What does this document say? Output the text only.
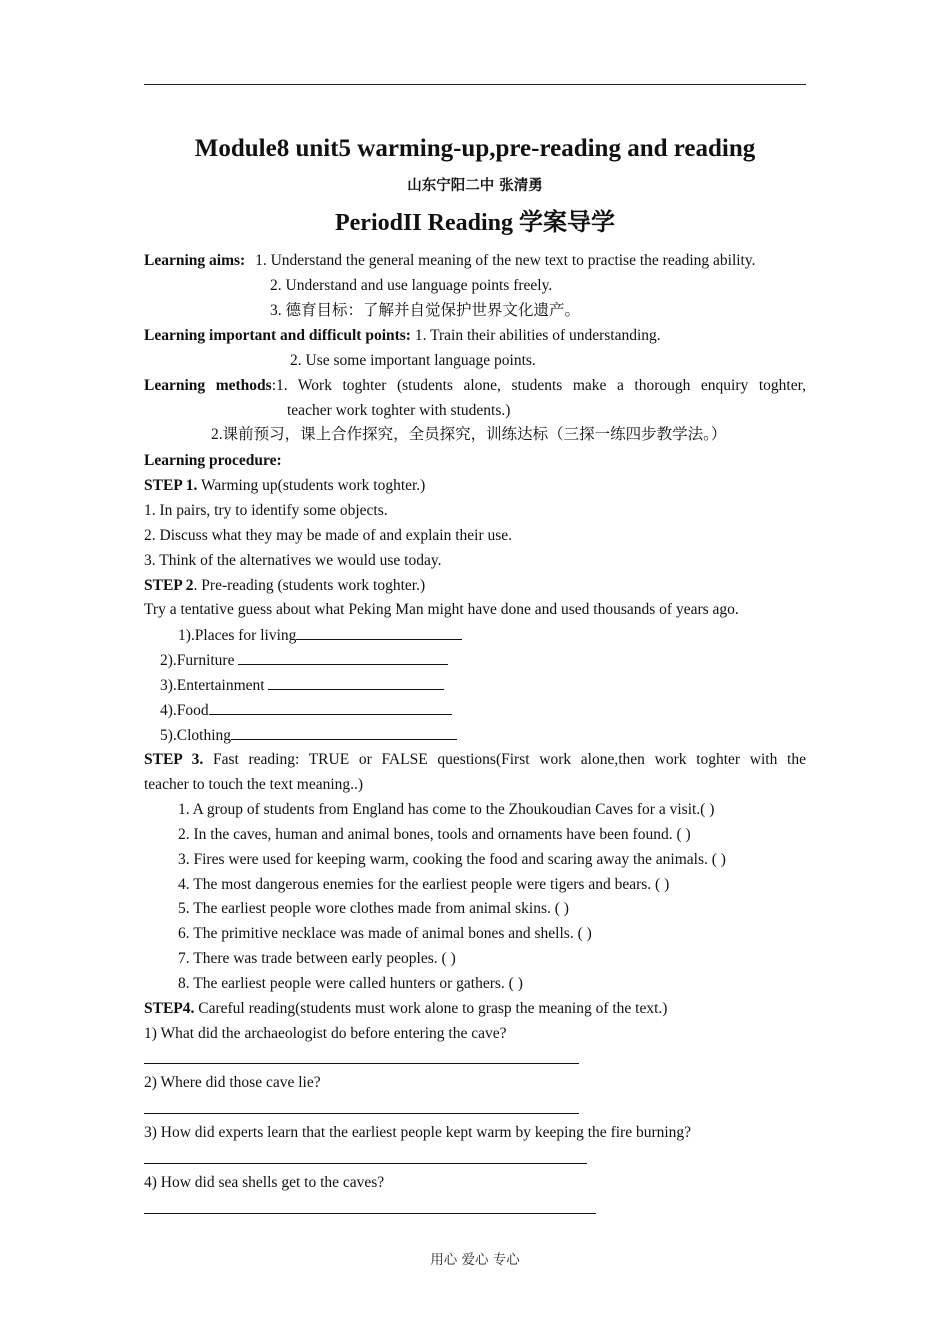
Module8 unit5 warming-up,pre-reading and reading
山东宁阳二中 张清勇
PeriodII Reading 学案导学
Learning aims: 1. Understand the general meaning of the new text to practise the reading ability.
2. Understand and use language points freely.
3. 德育目标：了解并自觉保护世界文化遗产。
Learning important and difficult points: 1. Train their abilities of understanding.
2. Use some important language points.
Learning methods:1. Work toghter (students alone, students make a thorough enquiry toghter,
teacher work toghter with students.)
2.课前预习，课上合作探究，全员探究，训练达标（三探一练四步教学法。）
Learning procedure:
STEP 1. Warming up(students work toghter.)
1. In pairs, try to identify some objects.
2. Discuss what they may be made of and explain their use.
3. Think of the alternatives we would use today.
STEP 2. Pre-reading (students work toghter.)
Try a tentative guess about what Peking Man might have done and used thousands of years ago.
1).Places for living
2).Furniture
3).Entertainment
4).Food
5).Clothing
STEP 3. Fast reading: TRUE or FALSE questions(First work alone,then work toghter with the
teacher to touch the text meaning..)
1. A group of students from England has come to the Zhoukoudian Caves for a visit.( )
2. In the caves, human and animal bones, tools and ornaments have been found. ( )
3. Fires were used for keeping warm, cooking the food and scaring away the animals. ( )
4. The most dangerous enemies for the earliest people were tigers and bears. ( )
5. The earliest people wore clothes made from animal skins. ( )
6. The primitive necklace was made of animal bones and shells. ( )
7. There was trade between early peoples. ( )
8. The earliest people were called hunters or gathers. ( )
STEP4. Careful reading(students must work alone to grasp the meaning of the text.)
1) What did the archaeologist do before entering the cave?
2) Where did those cave lie?
3) How did experts learn that the earliest people kept warm by keeping the fire burning?
4) How did sea shells get to the caves?
用心 爱心 专心
